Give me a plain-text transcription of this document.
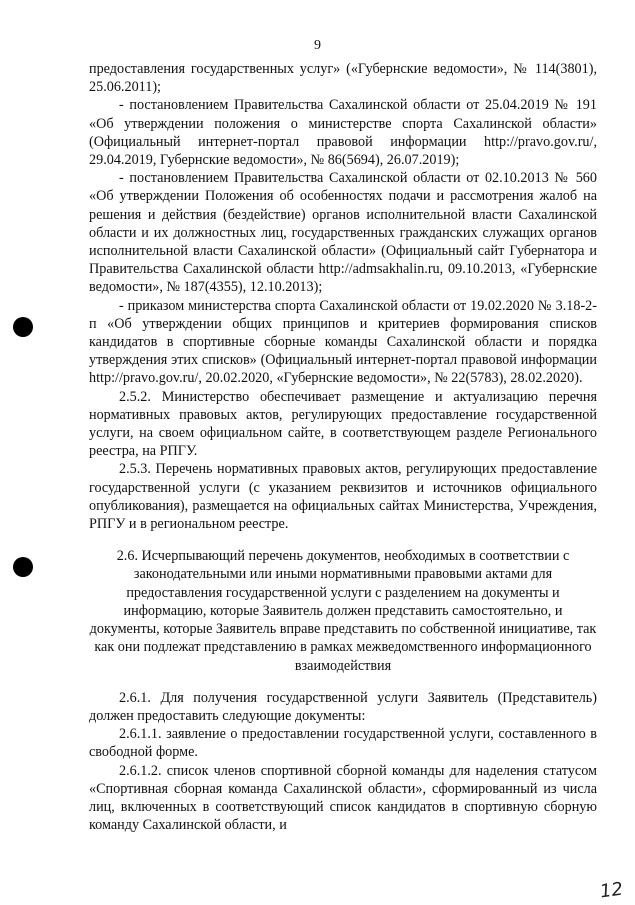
9

предоставления государственных услуг» («Губернские ведомости», № 114(3801), 25.06.2011);

- постановлением Правительства Сахалинской области от 25.04.2019 № 191 «Об утверждении положения о министерстве спорта Сахалинской области» (Официальный интернет-портал правовой информации http://pravo.gov.ru/, 29.04.2019, Губернские ведомости», № 86(5694), 26.07.2019);

- постановлением Правительства Сахалинской области от 02.10.2013 № 560 «Об утверждении Положения об особенностях подачи и рассмотрения жалоб на решения и действия (бездействие) органов исполнительной власти Сахалинской области и их должностных лиц, государственных гражданских служащих органов исполнительной власти Сахалинской области» (Официальный сайт Губернатора и Правительства Сахалинской области http://admsakhalin.ru, 09.10.2013, «Губернские ведомости», № 187(4355), 12.10.2013);

- приказом министерства спорта Сахалинской области от 19.02.2020 № 3.18-2-п «Об утверждении общих принципов и критериев формирования списков кандидатов в спортивные сборные команды Сахалинской области и порядка утверждения этих списков» (Официальный интернет-портал правовой информации http://pravo.gov.ru/, 20.02.2020, «Губернские ведомости», № 22(5783), 28.02.2020).

2.5.2. Министерство обеспечивает размещение и актуализацию перечня нормативных правовых актов, регулирующих предоставление государственной услуги, на своем официальном сайте, в соответствующем разделе Регионального реестра, на РПГУ.

2.5.3. Перечень нормативных правовых актов, регулирующих предоставление государственной услуги (с указанием реквизитов и источников официального опубликования), размещается на официальных сайтах Министерства, Учреждения, РПГУ и в региональном реестре.

2.6. Исчерпывающий перечень документов, необходимых в соответствии с законодательными или иными нормативными правовыми актами для предоставления государственной услуги с разделением на документы и информацию, которые Заявитель должен представить самостоятельно, и документы, которые Заявитель вправе представить по собственной инициативе, так как они подлежат представлению в рамках межведомственного информационного взаимодействия

2.6.1. Для получения государственной услуги Заявитель (Представитель) должен предоставить следующие документы:

2.6.1.1. заявление о предоставлении государственной услуги, составленного в свободной форме.

2.6.1.2. список членов спортивной сборной команды для наделения статусом «Спортивная сборная команда Сахалинской области», сформированный из числа лиц, включенных в соответствующий список кандидатов в спортивную сборную команду Сахалинской области, и

12
